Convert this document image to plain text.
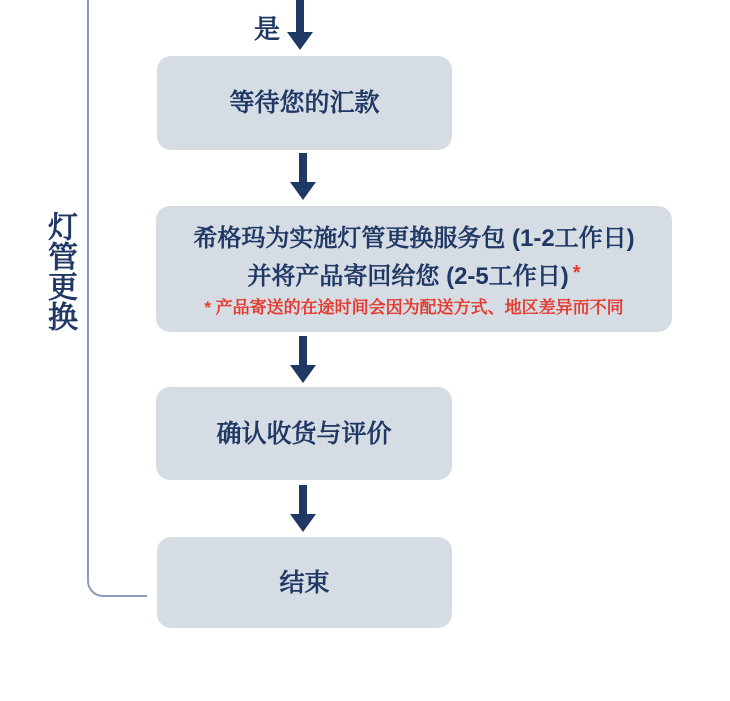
灯管更换
是
等待您的汇款
希格玛为实施灯管更换服务包 (1-2工作日)
并将产品寄回给您 (2-5工作日) *
* 产品寄送的在途时间会因为配送方式、地区差异而不同
确认收货与评价
结束
